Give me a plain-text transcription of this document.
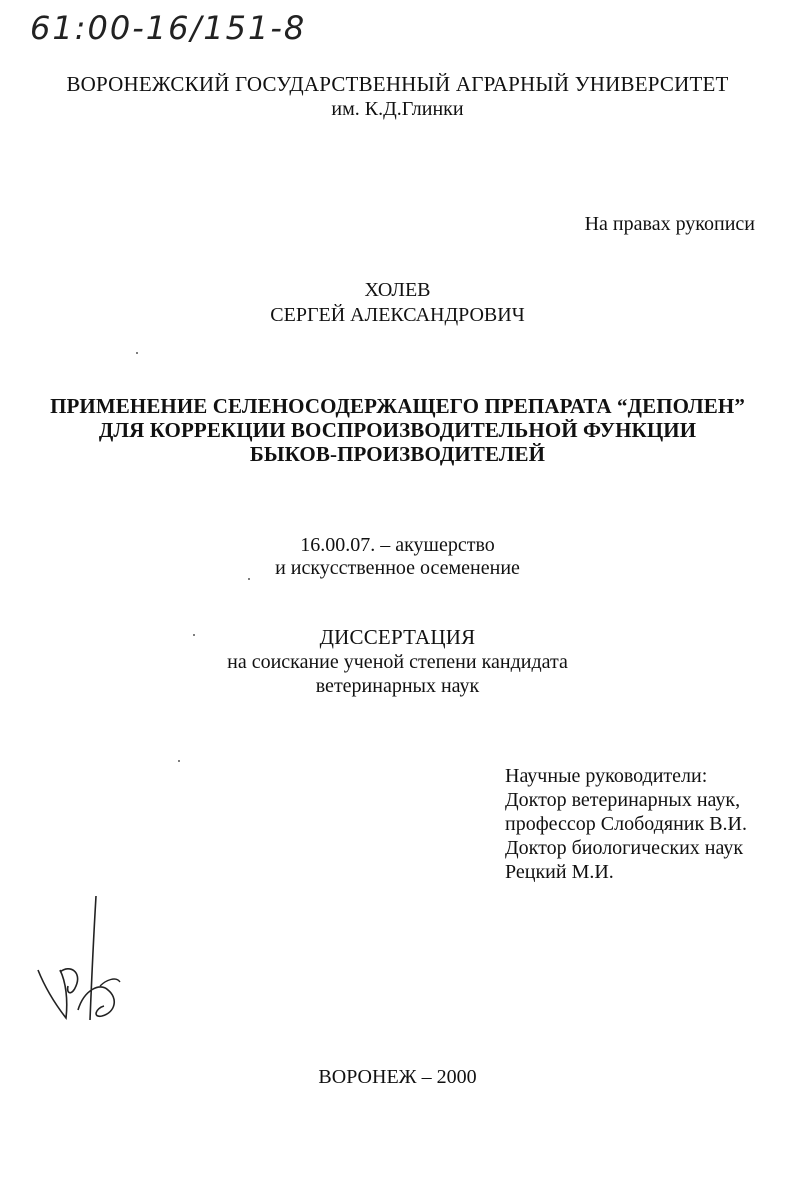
61:00-16/151-8
ВОРОНЕЖСКИЙ ГОСУДАРСТВЕННЫЙ АГРАРНЫЙ УНИВЕРСИТЕТ
им. К.Д.Глинки
На правах рукописи
ХОЛЕВ
СЕРГЕЙ АЛЕКСАНДРОВИЧ
ПРИМЕНЕНИЕ СЕЛЕНОСОДЕРЖАЩЕГО ПРЕПАРАТА “ДЕПОЛЕН”
ДЛЯ КОРРЕКЦИИ ВОСПРОИЗВОДИТЕЛЬНОЙ ФУНКЦИИ
БЫКОВ-ПРОИЗВОДИТЕЛЕЙ
16.00.07. – акушерство
и искусственное осеменение
ДИССЕРТАЦИЯ
на соискание ученой степени кандидата
ветеринарных наук
Научные руководители:
Доктор ветеринарных наук,
профессор Слободяник В.И.
Доктор биологических наук
Рецкий М.И.
ВОРОНЕЖ – 2000
